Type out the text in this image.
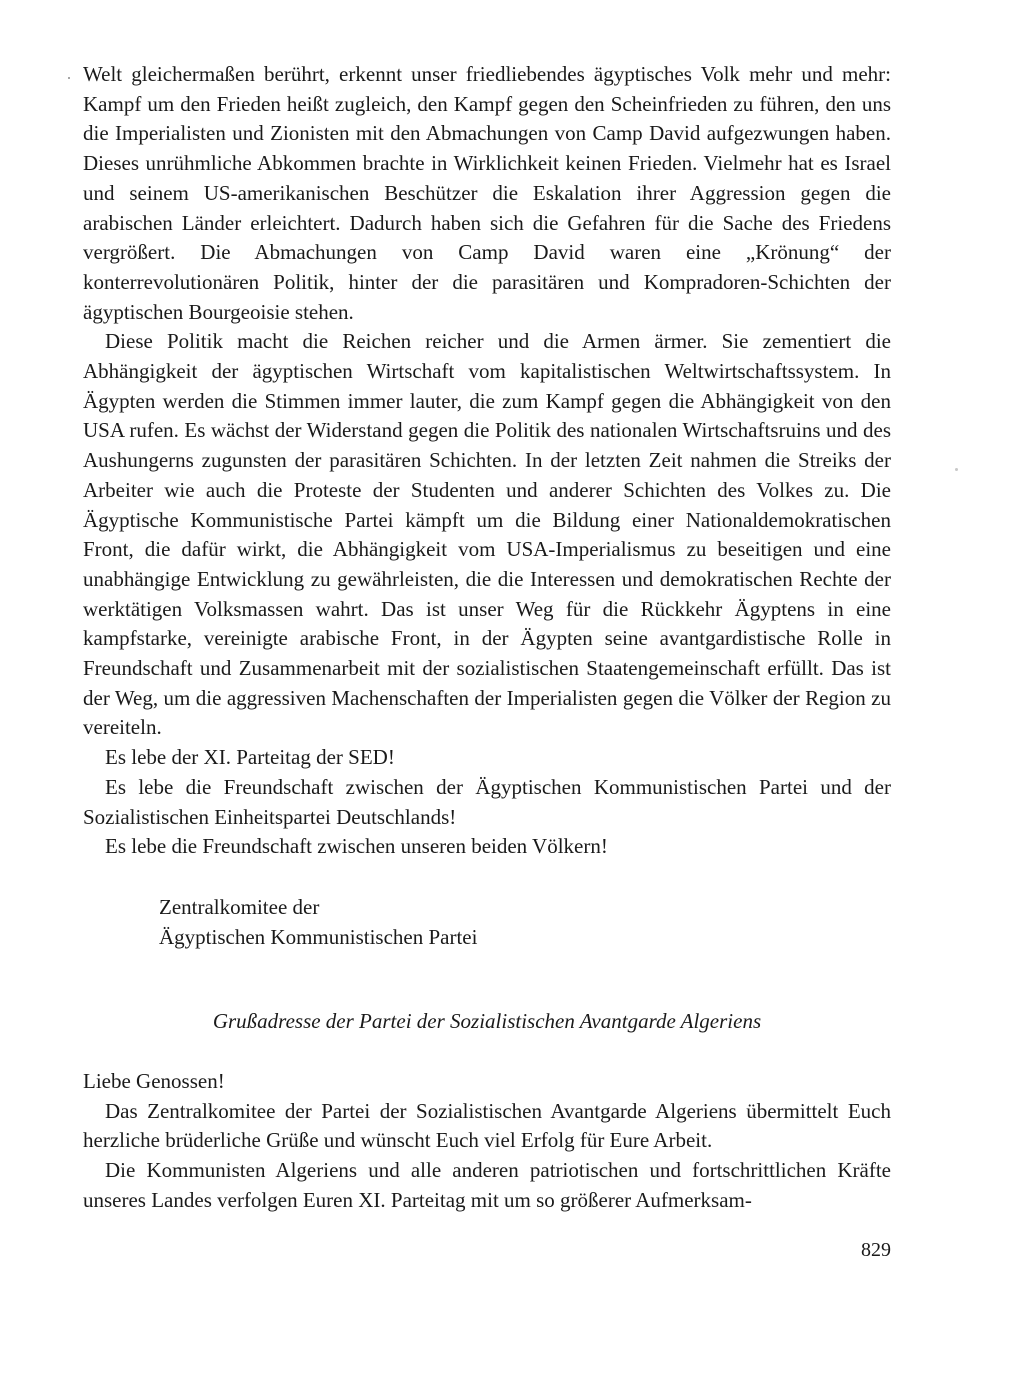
Welt gleichermaßen berührt, erkennt unser friedliebendes ägyptisches Volk mehr und mehr: Kampf um den Frieden heißt zugleich, den Kampf gegen den Scheinfrieden zu führen, den uns die Imperialisten und Zionisten mit den Abmachungen von Camp David aufgezwungen haben. Dieses unrühmliche Abkommen brachte in Wirklichkeit keinen Frieden. Vielmehr hat es Israel und seinem US-amerikanischen Beschützer die Eskalation ihrer Aggression gegen die arabischen Länder erleichtert. Dadurch haben sich die Gefahren für die Sache des Friedens vergrößert. Die Abmachungen von Camp David waren eine „Krönung“ der konterrevolutionären Politik, hinter der die parasitären und Kompradoren-Schichten der ägyptischen Bourgeoisie stehen.

Diese Politik macht die Reichen reicher und die Armen ärmer. Sie zementiert die Abhängigkeit der ägyptischen Wirtschaft vom kapitalistischen Weltwirtschaftssystem. In Ägypten werden die Stimmen immer lauter, die zum Kampf gegen die Abhängigkeit von den USA rufen. Es wächst der Widerstand gegen die Politik des nationalen Wirtschaftsruins und des Aushungerns zugunsten der parasitären Schichten. In der letzten Zeit nahmen die Streiks der Arbeiter wie auch die Proteste der Studenten und anderer Schichten des Volkes zu. Die Ägyptische Kommunistische Partei kämpft um die Bildung einer Nationaldemokratischen Front, die dafür wirkt, die Abhängigkeit vom USA-Imperialismus zu beseitigen und eine unabhängige Entwicklung zu gewährleisten, die die Interessen und demokratischen Rechte der werktätigen Volksmassen wahrt. Das ist unser Weg für die Rückkehr Ägyptens in eine kampfstarke, vereinigte arabische Front, in der Ägypten seine avantgardistische Rolle in Freundschaft und Zusammenarbeit mit der sozialistischen Staatengemeinschaft erfüllt. Das ist der Weg, um die aggressiven Machenschaften der Imperialisten gegen die Völker der Region zu vereiteln.

Es lebe der XI. Parteitag der SED!

Es lebe die Freundschaft zwischen der Ägyptischen Kommunistischen Partei und der Sozialistischen Einheitspartei Deutschlands!

Es lebe die Freundschaft zwischen unseren beiden Völkern!

Zentralkomitee der
Ägyptischen Kommunistischen Partei
Grußadresse der Partei der Sozialistischen Avantgarde Algeriens

Liebe Genossen!

Das Zentralkomitee der Partei der Sozialistischen Avantgarde Algeriens übermittelt Euch herzliche brüderliche Grüße und wünscht Euch viel Erfolg für Eure Arbeit.

Die Kommunisten Algeriens und alle anderen patriotischen und fortschrittlichen Kräfte unseres Landes verfolgen Euren XI. Parteitag mit um so größerer Aufmerksam-

829
